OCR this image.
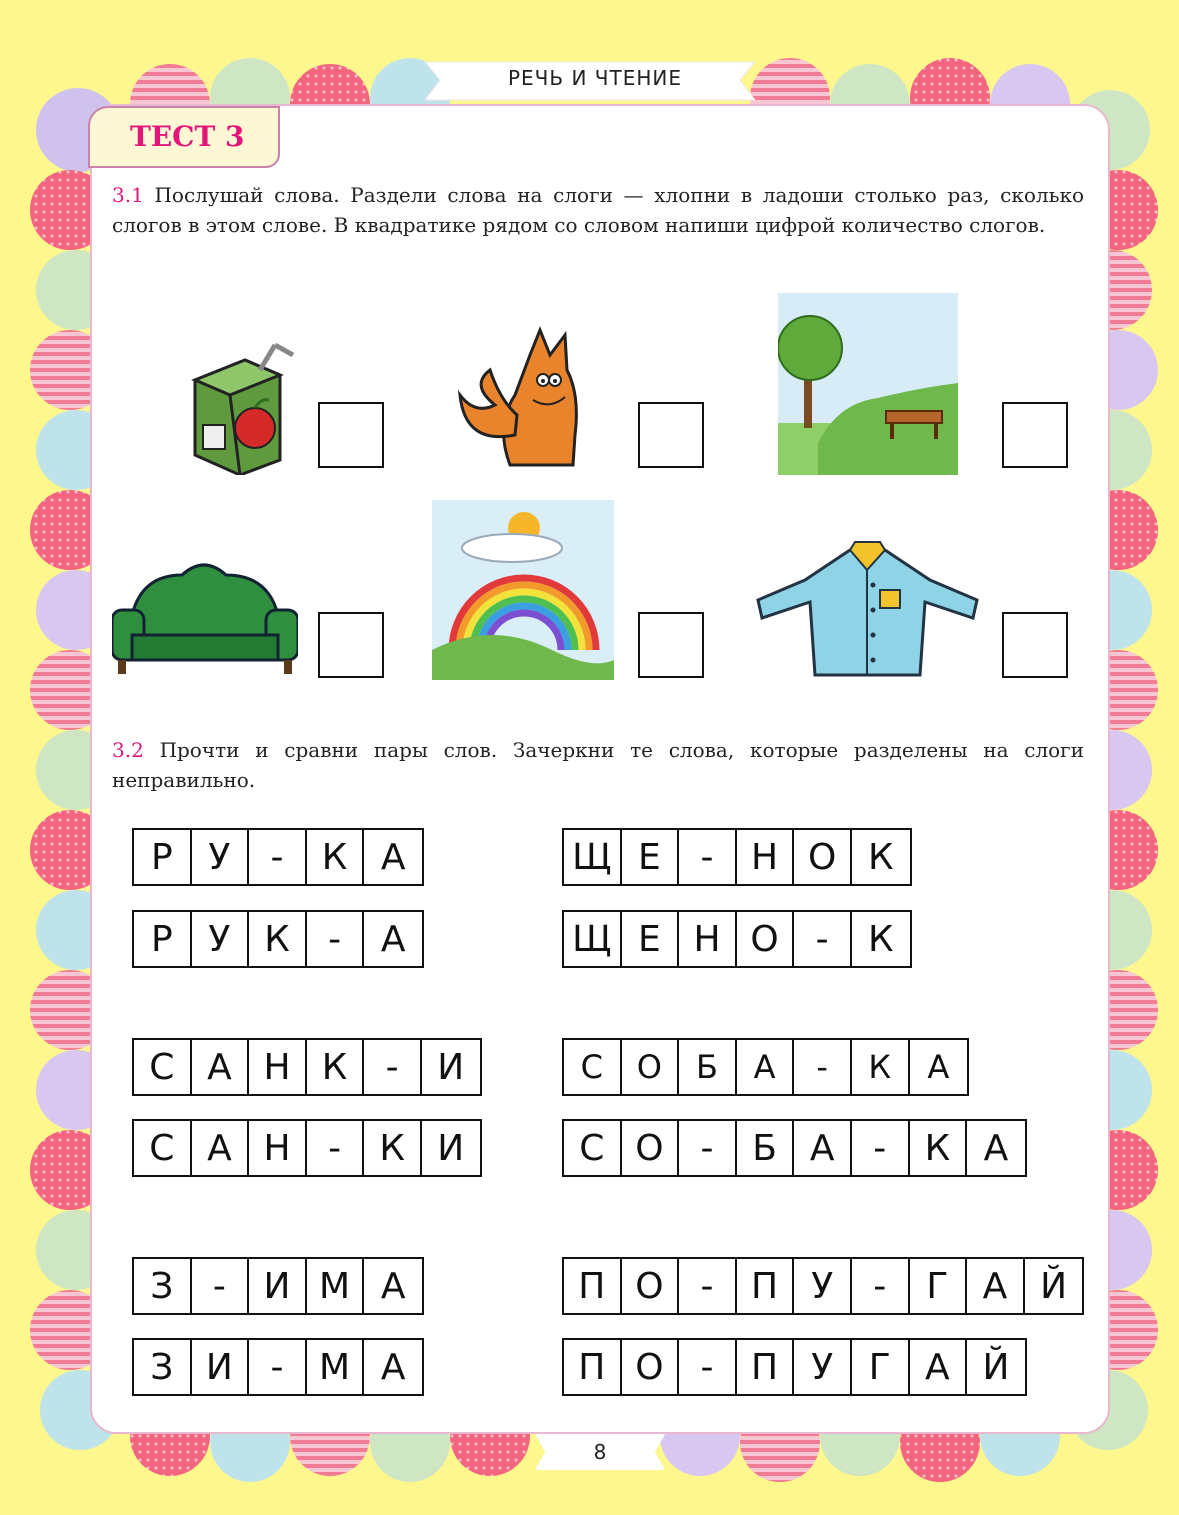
РЕЧЬ И ЧТЕНИЕ
ТЕСТ 3
3.1 Послушай слова. Раздели слова на слоги — хлопни в ладоши столько раз, сколько слогов в этом слове. В квадратике рядом со словом напиши цифрой количество слогов.
3.2 Прочти и сравни пары слов. Зачеркни те слова, которые разделены на слоги неправильно.
Р У	-	К А
Р У К	-	А
Щ Е	-	Н О К
Щ Е Н О	-	К
С А Н К	-	И
С А Н	-	К И
С	О	Б	А	-	К	А
С О	-	Б А	-	К А
З	-	И М А
З И	- М А
П О	-	П У	-	Г А Й
П О	-	П У Г А Й
8
